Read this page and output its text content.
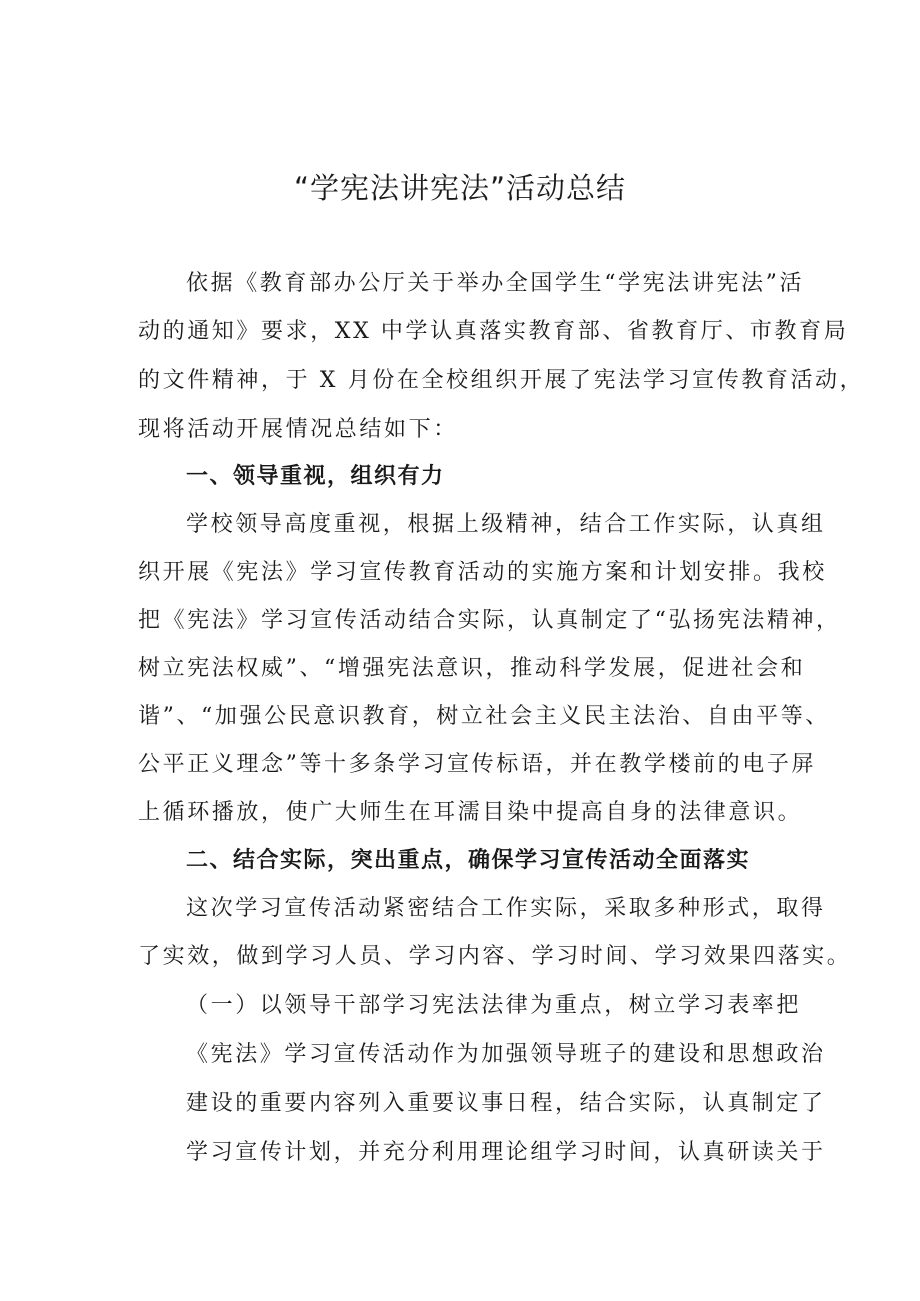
“学宪法讲宪法”活动总结
依据《教育部办公厅关于举办全国学生“学宪法讲宪法”活
动的通知》要求，XX 中学认真落实教育部、省教育厅、市教育局
的文件精神，于 X 月份在全校组织开展了宪法学习宣传教育活动，
现将活动开展情况总结如下：
一、领导重视，组织有力
学校领导高度重视，根据上级精神，结合工作实际，认真组
织开展《宪法》学习宣传教育活动的实施方案和计划安排。我校
把《宪法》学习宣传活动结合实际，认真制定了“弘扬宪法精神，
树立宪法权威”、“增强宪法意识，推动科学发展，促进社会和
谐”、“加强公民意识教育，树立社会主义民主法治、自由平等、
公平正义理念”等十多条学习宣传标语，并在教学楼前的电子屏
上循环播放，使广大师生在耳濡目染中提高自身的法律意识。
二、结合实际，突出重点，确保学习宣传活动全面落实
这次学习宣传活动紧密结合工作实际，采取多种形式，取得
了实效，做到学习人员、学习内容、学习时间、学习效果四落实。
（一）以领导干部学习宪法法律为重点，树立学习表率把
《宪法》学习宣传活动作为加强领导班子的建设和思想政治
建设的重要内容列入重要议事日程，结合实际，认真制定了
学习宣传计划，并充分利用理论组学习时间，认真研读关于
